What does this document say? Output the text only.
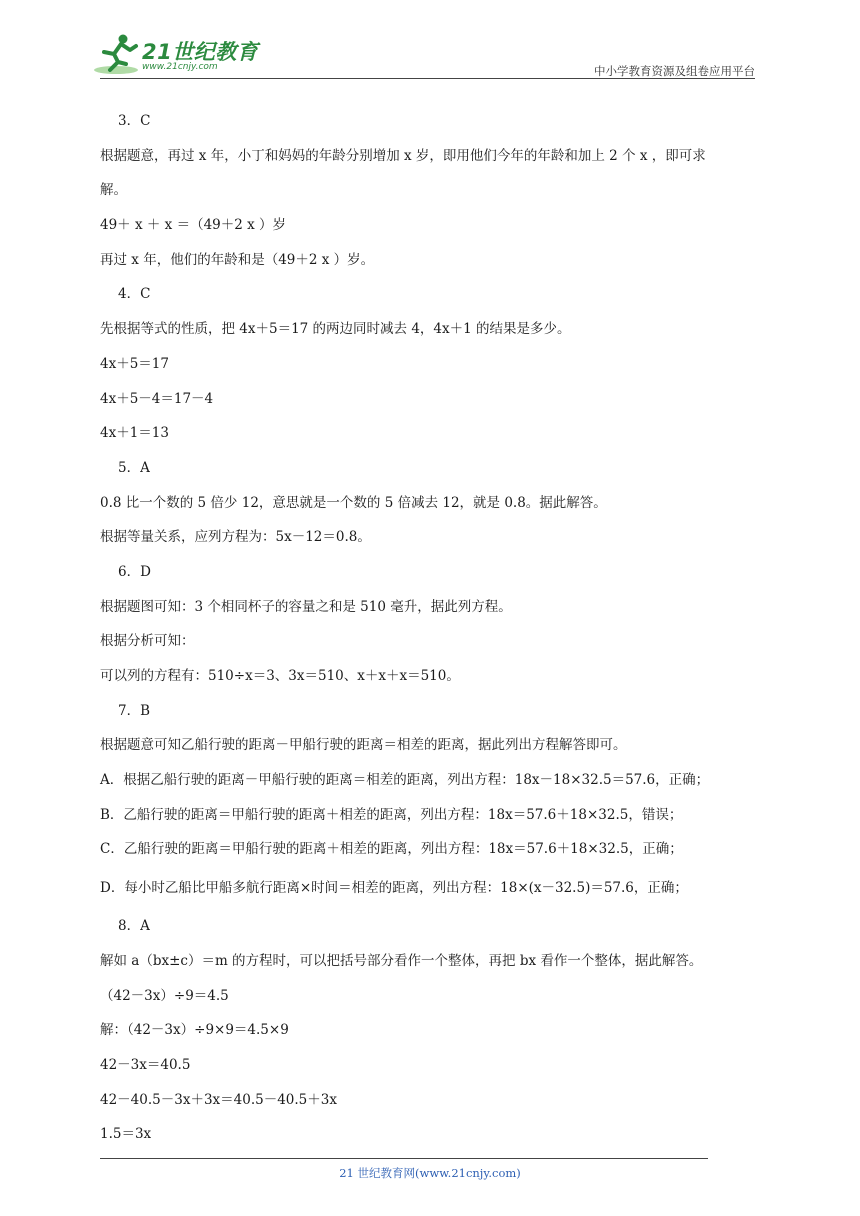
21世纪教育
www.21cnjy.com	中小学教育资源及组卷应用平台
3．C
根据题意，再过 x 年，小丁和妈妈的年龄分别增加 x 岁，即用他们今年的年龄和加上 2 个 x ，即可求
解。
49＋ x ＋ x ＝（49＋2 x ）岁
再过 x 年，他们的年龄和是（49＋2 x ）岁。
4．C
先根据等式的性质，把 4x＋5＝17 的两边同时减去 4，4x＋1 的结果是多少。
4x＋5＝17
4x＋5－4＝17－4
4x＋1＝13
5．A
0.8 比一个数的 5 倍少 12，意思就是一个数的 5 倍减去 12，就是 0.8。据此解答。
根据等量关系，应列方程为：5x－12＝0.8。
6．D
根据题图可知：3 个相同杯子的容量之和是 510 毫升，据此列方程。
根据分析可知：
可以列的方程有：510÷x＝3、3x＝510、x＋x＋x＝510。
7．B
根据题意可知乙船行驶的距离－甲船行驶的距离＝相差的距离，据此列出方程解答即可。
A．根据乙船行驶的距离－甲船行驶的距离＝相差的距离，列出方程：18x－18×32.5＝57.6，正确；
B．乙船行驶的距离＝甲船行驶的距离＋相差的距离，列出方程：18x＝57.6＋18×32.5，错误；
C．乙船行驶的距离＝甲船行驶的距离＋相差的距离，列出方程：18x＝57.6＋18×32.5，正确；
D．每小时乙船比甲船多航行距离×时间＝相差的距离，列出方程：18×(x－32.5)＝57.6，正确；
8．A
解如 a（bx±c）＝m 的方程时，可以把括号部分看作一个整体，再把 bx 看作一个整体，据此解答。
（42－3x）÷9＝4.5
解：（42－3x）÷9×9＝4.5×9
42－3x＝40.5
42－40.5－3x＋3x＝40.5－40.5＋3x
1.5＝3x
21 世纪教育网(www.21cnjy.com)
